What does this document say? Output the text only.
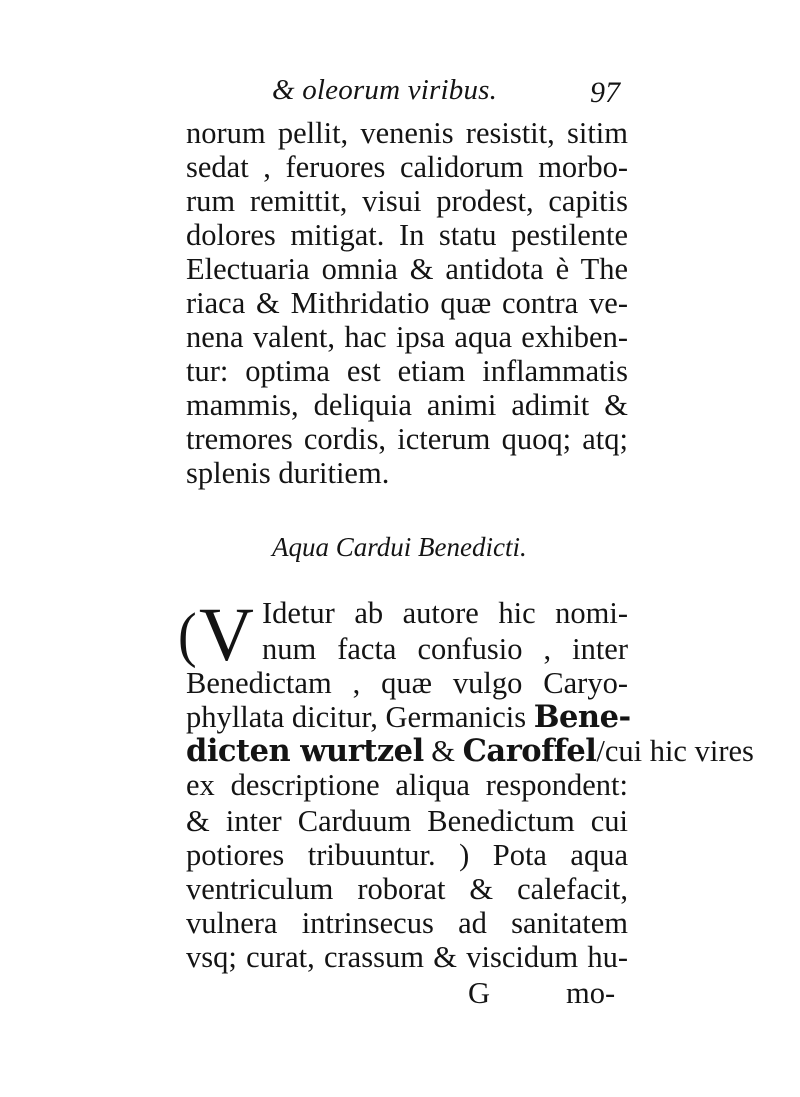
& oleorum viribus.	97
norum pellit, venenis resistit, sitim
sedat , feruores calidorum morbo-
rum remittit, visui prodest, capitis
dolores mitigat. In statu pestilente
Electuaria omnia & antidota è The
riaca & Mithridatio quæ contra ve-
nena valent, hac ipsa aqua exhiben-
tur: optima est etiam inflammatis
mammis, deliquia animi adimit &
tremores cordis, icterum quoq; atq;
splenis duritiem.
Aqua Cardui Benedicti.
( V Idetur ab autore hic nomi-
num facta confusio , inter
Benedictam , quæ vulgo Caryo-
phyllata dicitur, Germanicis Bene-
dicten wurtzel & Caroffel/cui hic vires
ex descriptione aliqua respondent:
& inter Carduum Benedictum cui
potiores tribuuntur. ) Pota aqua
ventriculum roborat & calefacit,
vulnera intrinsecus ad sanitatem
vsq; curat, crassum & viscidum hu-
G mo-
